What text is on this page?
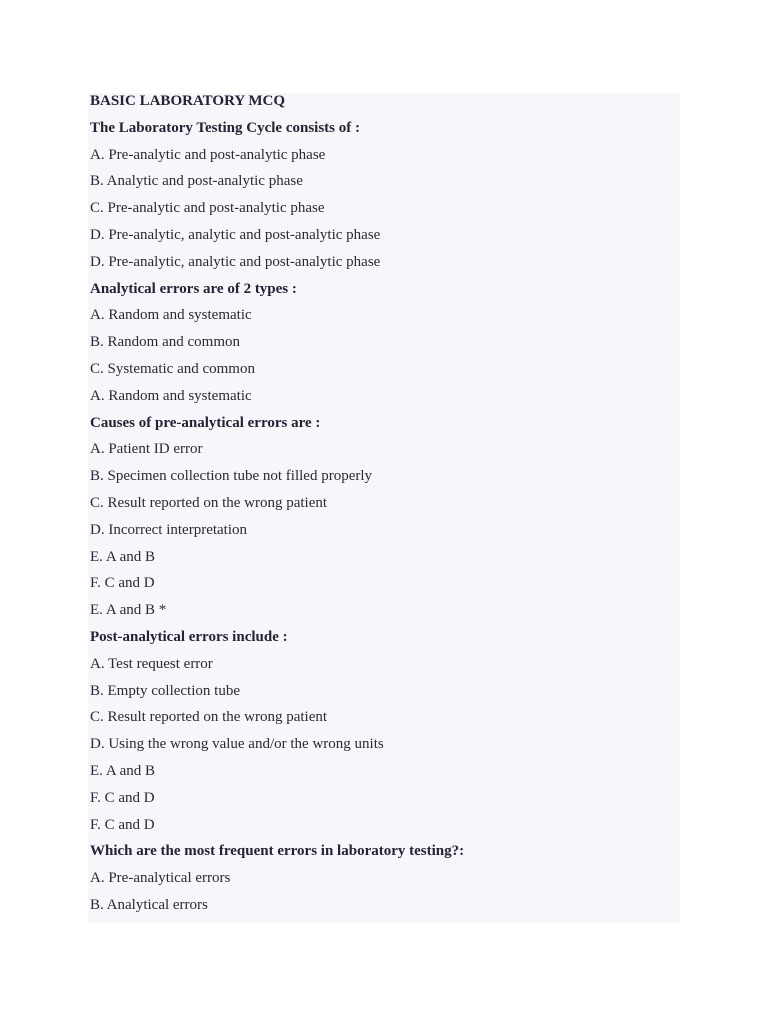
BASIC LABORATORY MCQ
The Laboratory Testing Cycle consists of :
A. Pre-analytic and post-analytic phase
B. Analytic and post-analytic phase
C. Pre-analytic and post-analytic phase
D. Pre-analytic, analytic and post-analytic phase
D. Pre-analytic, analytic and post-analytic phase
Analytical errors are of 2 types :
A. Random and systematic
B. Random and common
C. Systematic and common
A. Random and systematic
Causes of pre-analytical errors are :
A. Patient ID error
B. Specimen collection tube not filled properly
C. Result reported on the wrong patient
D. Incorrect interpretation
E. A and B
F. C and D
E. A and B *
Post-analytical errors include :
A. Test request error
B. Empty collection tube
C. Result reported on the wrong patient
D. Using the wrong value and/or the wrong units
E. A and B
F. C and D
F. C and D
Which are the most frequent errors in laboratory testing?:
A. Pre-analytical errors
B. Analytical errors
